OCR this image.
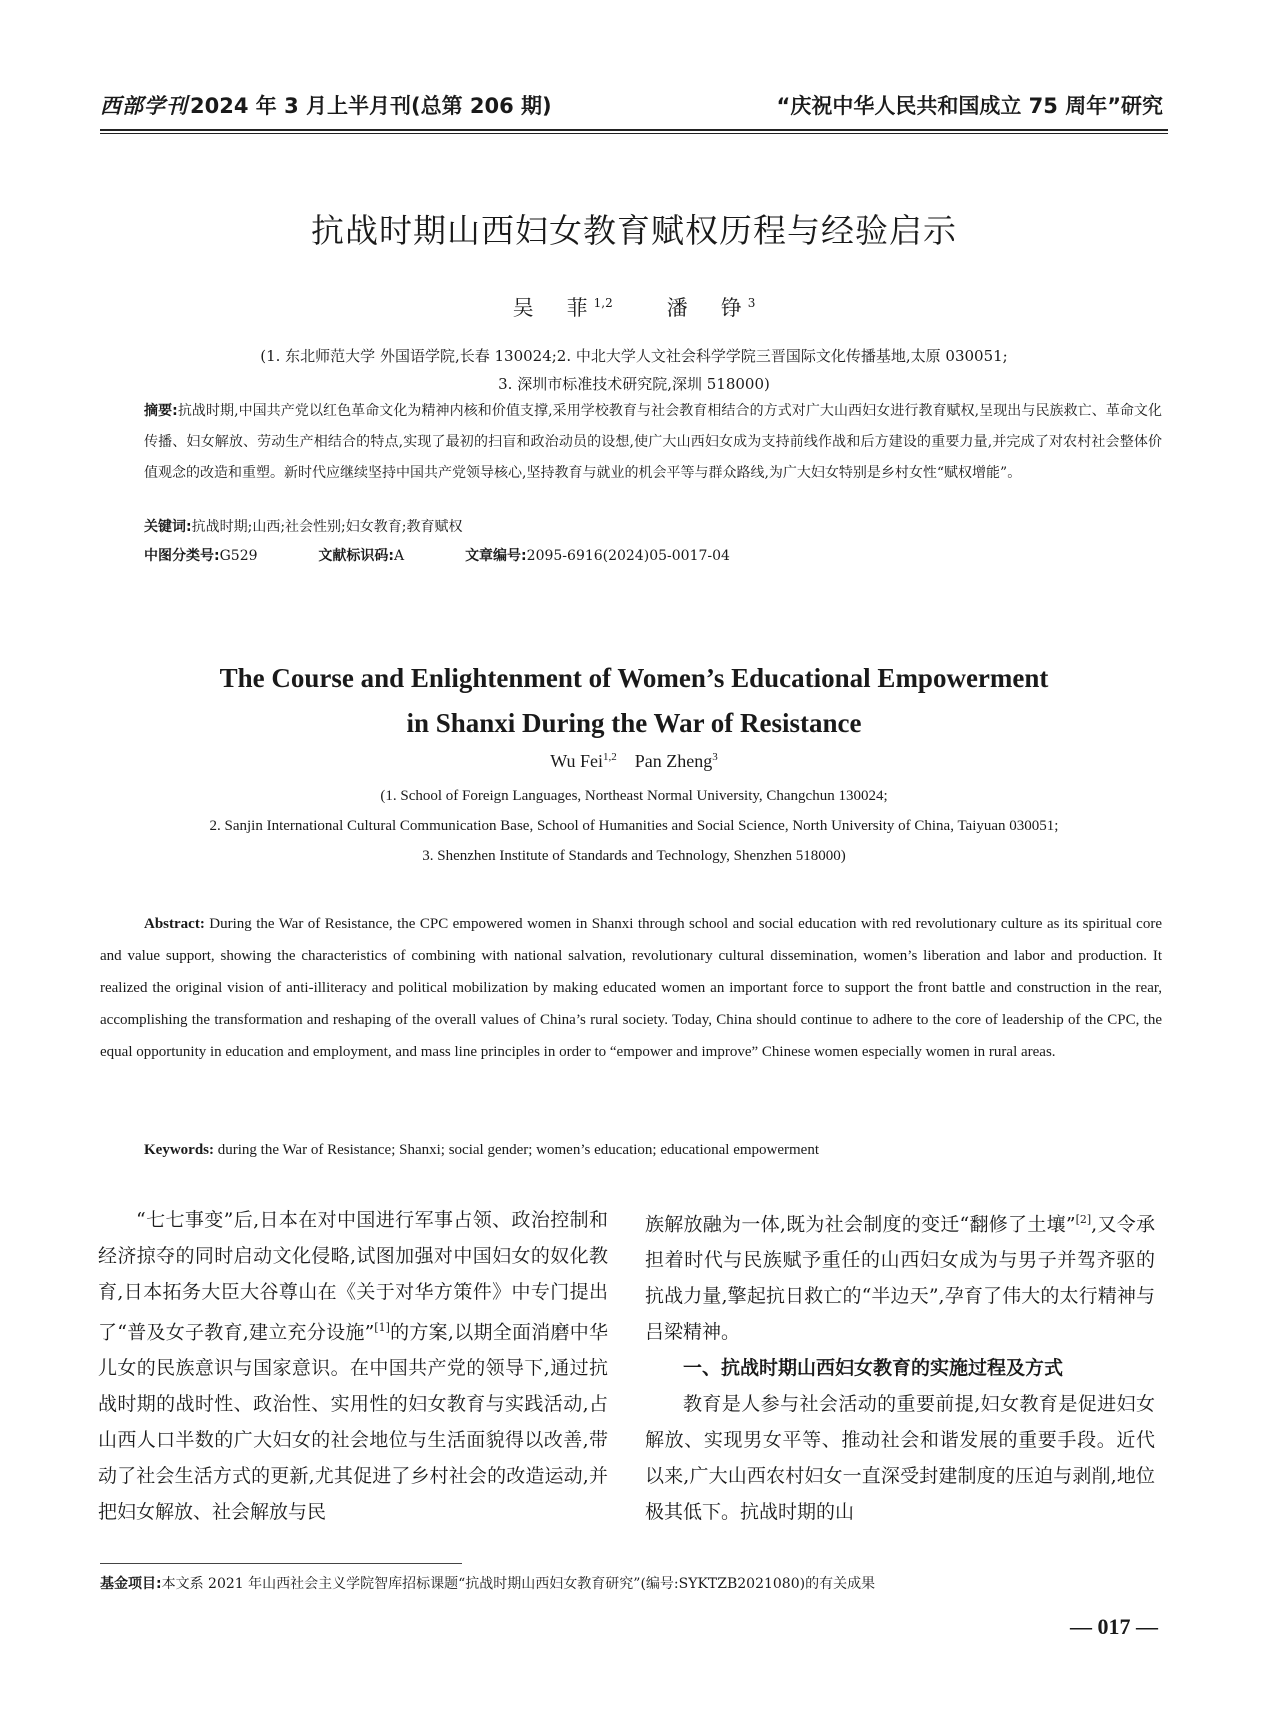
西部学刊2024 年 3 月上半月刊(总第 206 期)	“庆祝中华人民共和国成立 75 周年”研究
抗战时期山西妇女教育赋权历程与经验启示
吴　菲$^{1,2}$　　	潘　铮$^3$
(1. 东北师范大学 外国语学院,长春 130024;2. 中北大学人文社会科学学院三晋国际文化传播基地,太原 030051;
3. 深圳市标准技术研究院,深圳 518000)
摘要:抗战时期,中国共产党以红色革命文化为精神内核和价值支撑,采用学校教育与社会教育相结合的方式对广大山西妇女进行教育赋权,呈现出与民族救亡、革命文化传播、妇女解放、劳动生产相结合的特点,实现了最初的扫盲和政治动员的设想,使广大山西妇女成为支持前线作战和后方建设的重要力量,并完成了对农村社会整体价值观念的改造和重塑。新时代应继续坚持中国共产党领导核心,坚持教育与就业的机会平等与群众路线,为广大妇女特别是乡村女性“赋权增能”。
关键词:抗战时期;山西;社会性别;妇女教育;教育赋权
中图分类号:G529	文献标识码:A	文章编号:2095-6916(2024)05-0017-04
The Course and Enlightenment of Women’s Educational Empowerment
in Shanxi During the War of Resistance
Wu Fei$^{1,2}$ Pan Zheng$^3$
(1. School of Foreign Languages, Northeast Normal University, Changchun 130024;
2. Sanjin International Cultural Communication Base, School of Humanities and Social Science, North University of China, Taiyuan 030051;
3. Shenzhen Institute of Standards and Technology, Shenzhen 518000)
Abstract: During the War of Resistance, the CPC empowered women in Shanxi through school and social education with red revolutionary culture as its spiritual core and value support, showing the characteristics of combining with national salvation, revolutionary cultural dissemination, women’s liberation and labor and production. It realized the original vision of anti-illiteracy and political mobilization by making educated women an important force to support the front battle and construction in the rear, accomplishing the transformation and reshaping of the overall values of China’s rural society. Today, China should continue to adhere to the core of leadership of the CPC, the equal opportunity in education and employment, and mass line principles in order to “empower and improve” Chinese women especially women in rural areas.
Keywords: during the War of Resistance; Shanxi; social gender; women’s education; educational empowerment

“七七事变”后,日本在对中国进行军事占领、政治控制和经济掠夺的同时启动文化侵略,试图加强对中国妇女的奴化教育,日本拓务大臣大谷尊山在《关于对华方策件》中专门提出了“普及女子教育,建立充分设施”[1]的方案,以期全面消磨中华儿女的民族意识与国家意识。在中国共产党的领导下,通过抗战时期的战时性、政治性、实用性的妇女教育与实践活动,占山西人口半数的广大妇女的社会地位与生活面貌得以改善,带动了社会生活方式的更新,尤其促进了乡村社会的改造运动,并把妇女解放、社会解放与民

族解放融为一体,既为社会制度的变迁“翻修了土壤”[2],又令承担着时代与民族赋予重任的山西妇女成为与男子并驾齐驱的抗战力量,擎起抗日救亡的“半边天”,孕育了伟大的太行精神与吕梁精神。

一、抗战时期山西妇女教育的实施过程及方式

教育是人参与社会活动的重要前提,妇女教育是促进妇女解放、实现男女平等、推动社会和谐发展的重要手段。近代以来,广大山西农村妇女一直深受封建制度的压迫与剥削,地位极其低下。抗战时期的山

基金项目:本文系 2021 年山西社会主义学院智库招标课题“抗战时期山西妇女教育研究”(编号:SYKTZB2021080)的有关成果
— 017 —
